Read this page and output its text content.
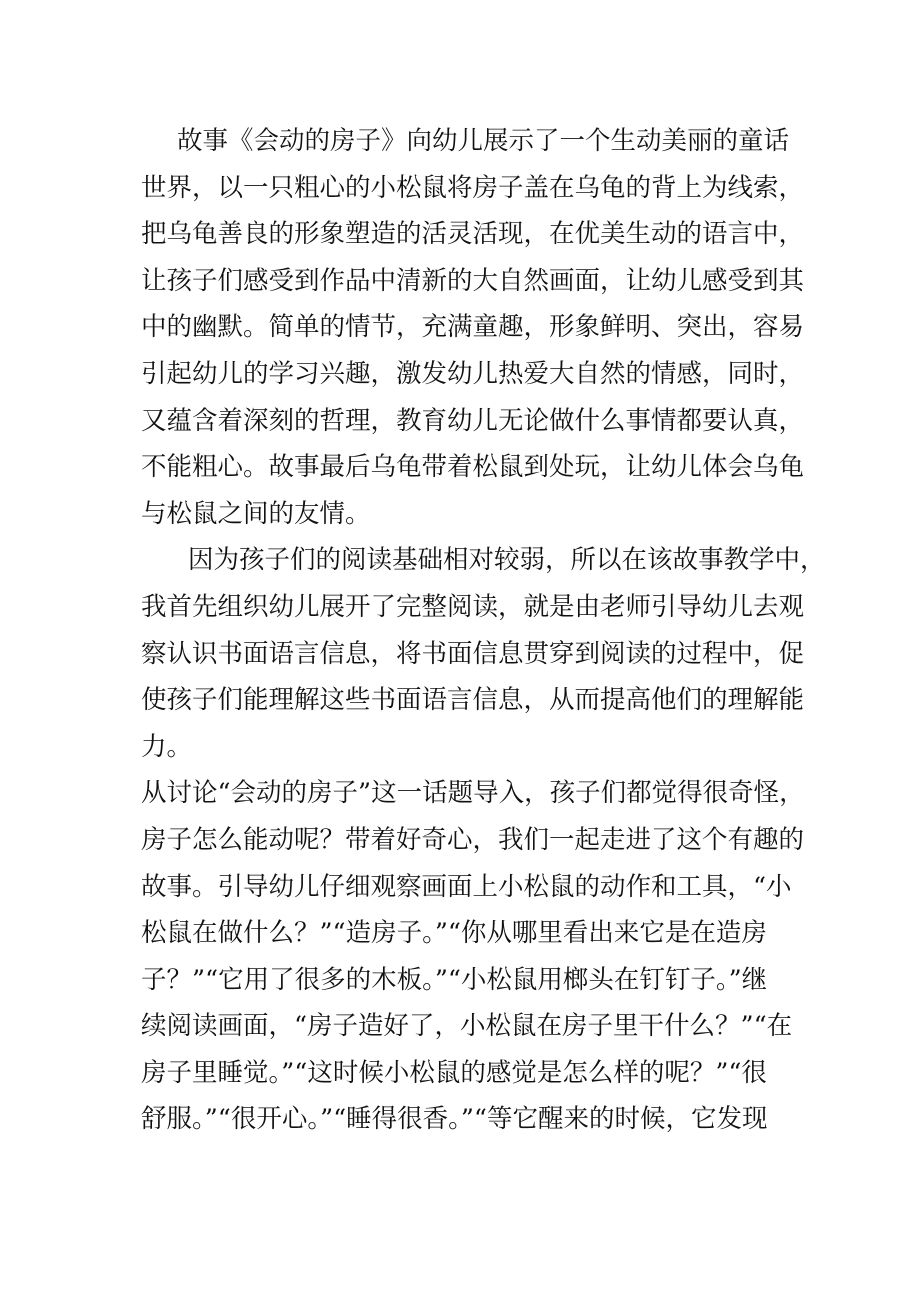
故事《会动的房子》向幼儿展示了一个生动美丽的童话
世界，以一只粗心的小松鼠将房子盖在乌龟的背上为线索，
把乌龟善良的形象塑造的活灵活现，在优美生动的语言中，
让孩子们感受到作品中清新的大自然画面，让幼儿感受到其
中的幽默。简单的情节，充满童趣，形象鲜明、突出，容易
引起幼儿的学习兴趣，激发幼儿热爱大自然的情感，同时，
又蕴含着深刻的哲理，教育幼儿无论做什么事情都要认真，
不能粗心。故事最后乌龟带着松鼠到处玩，让幼儿体会乌龟
与松鼠之间的友情。

因为孩子们的阅读基础相对较弱，所以在该故事教学中，
我首先组织幼儿展开了完整阅读，就是由老师引导幼儿去观
察认识书面语言信息，将书面信息贯穿到阅读的过程中，促
使孩子们能理解这些书面语言信息，从而提高他们的理解能
力。

从讨论“会动的房子”这一话题导入，孩子们都觉得很奇怪，
房子怎么能动呢？带着好奇心，我们一起走进了这个有趣的
故事。引导幼儿仔细观察画面上小松鼠的动作和工具，“小
松鼠在做什么？”“造房子。”“你从哪里看出来它是在造房
子？”“它用了很多的木板。”“小松鼠用榔头在钉钉子。”继
续阅读画面，“房子造好了，小松鼠在房子里干什么？”“在
房子里睡觉。”“这时候小松鼠的感觉是怎么样的呢？”“很
舒服。”“很开心。”“睡得很香。”“等它醒来的时候，它发现
